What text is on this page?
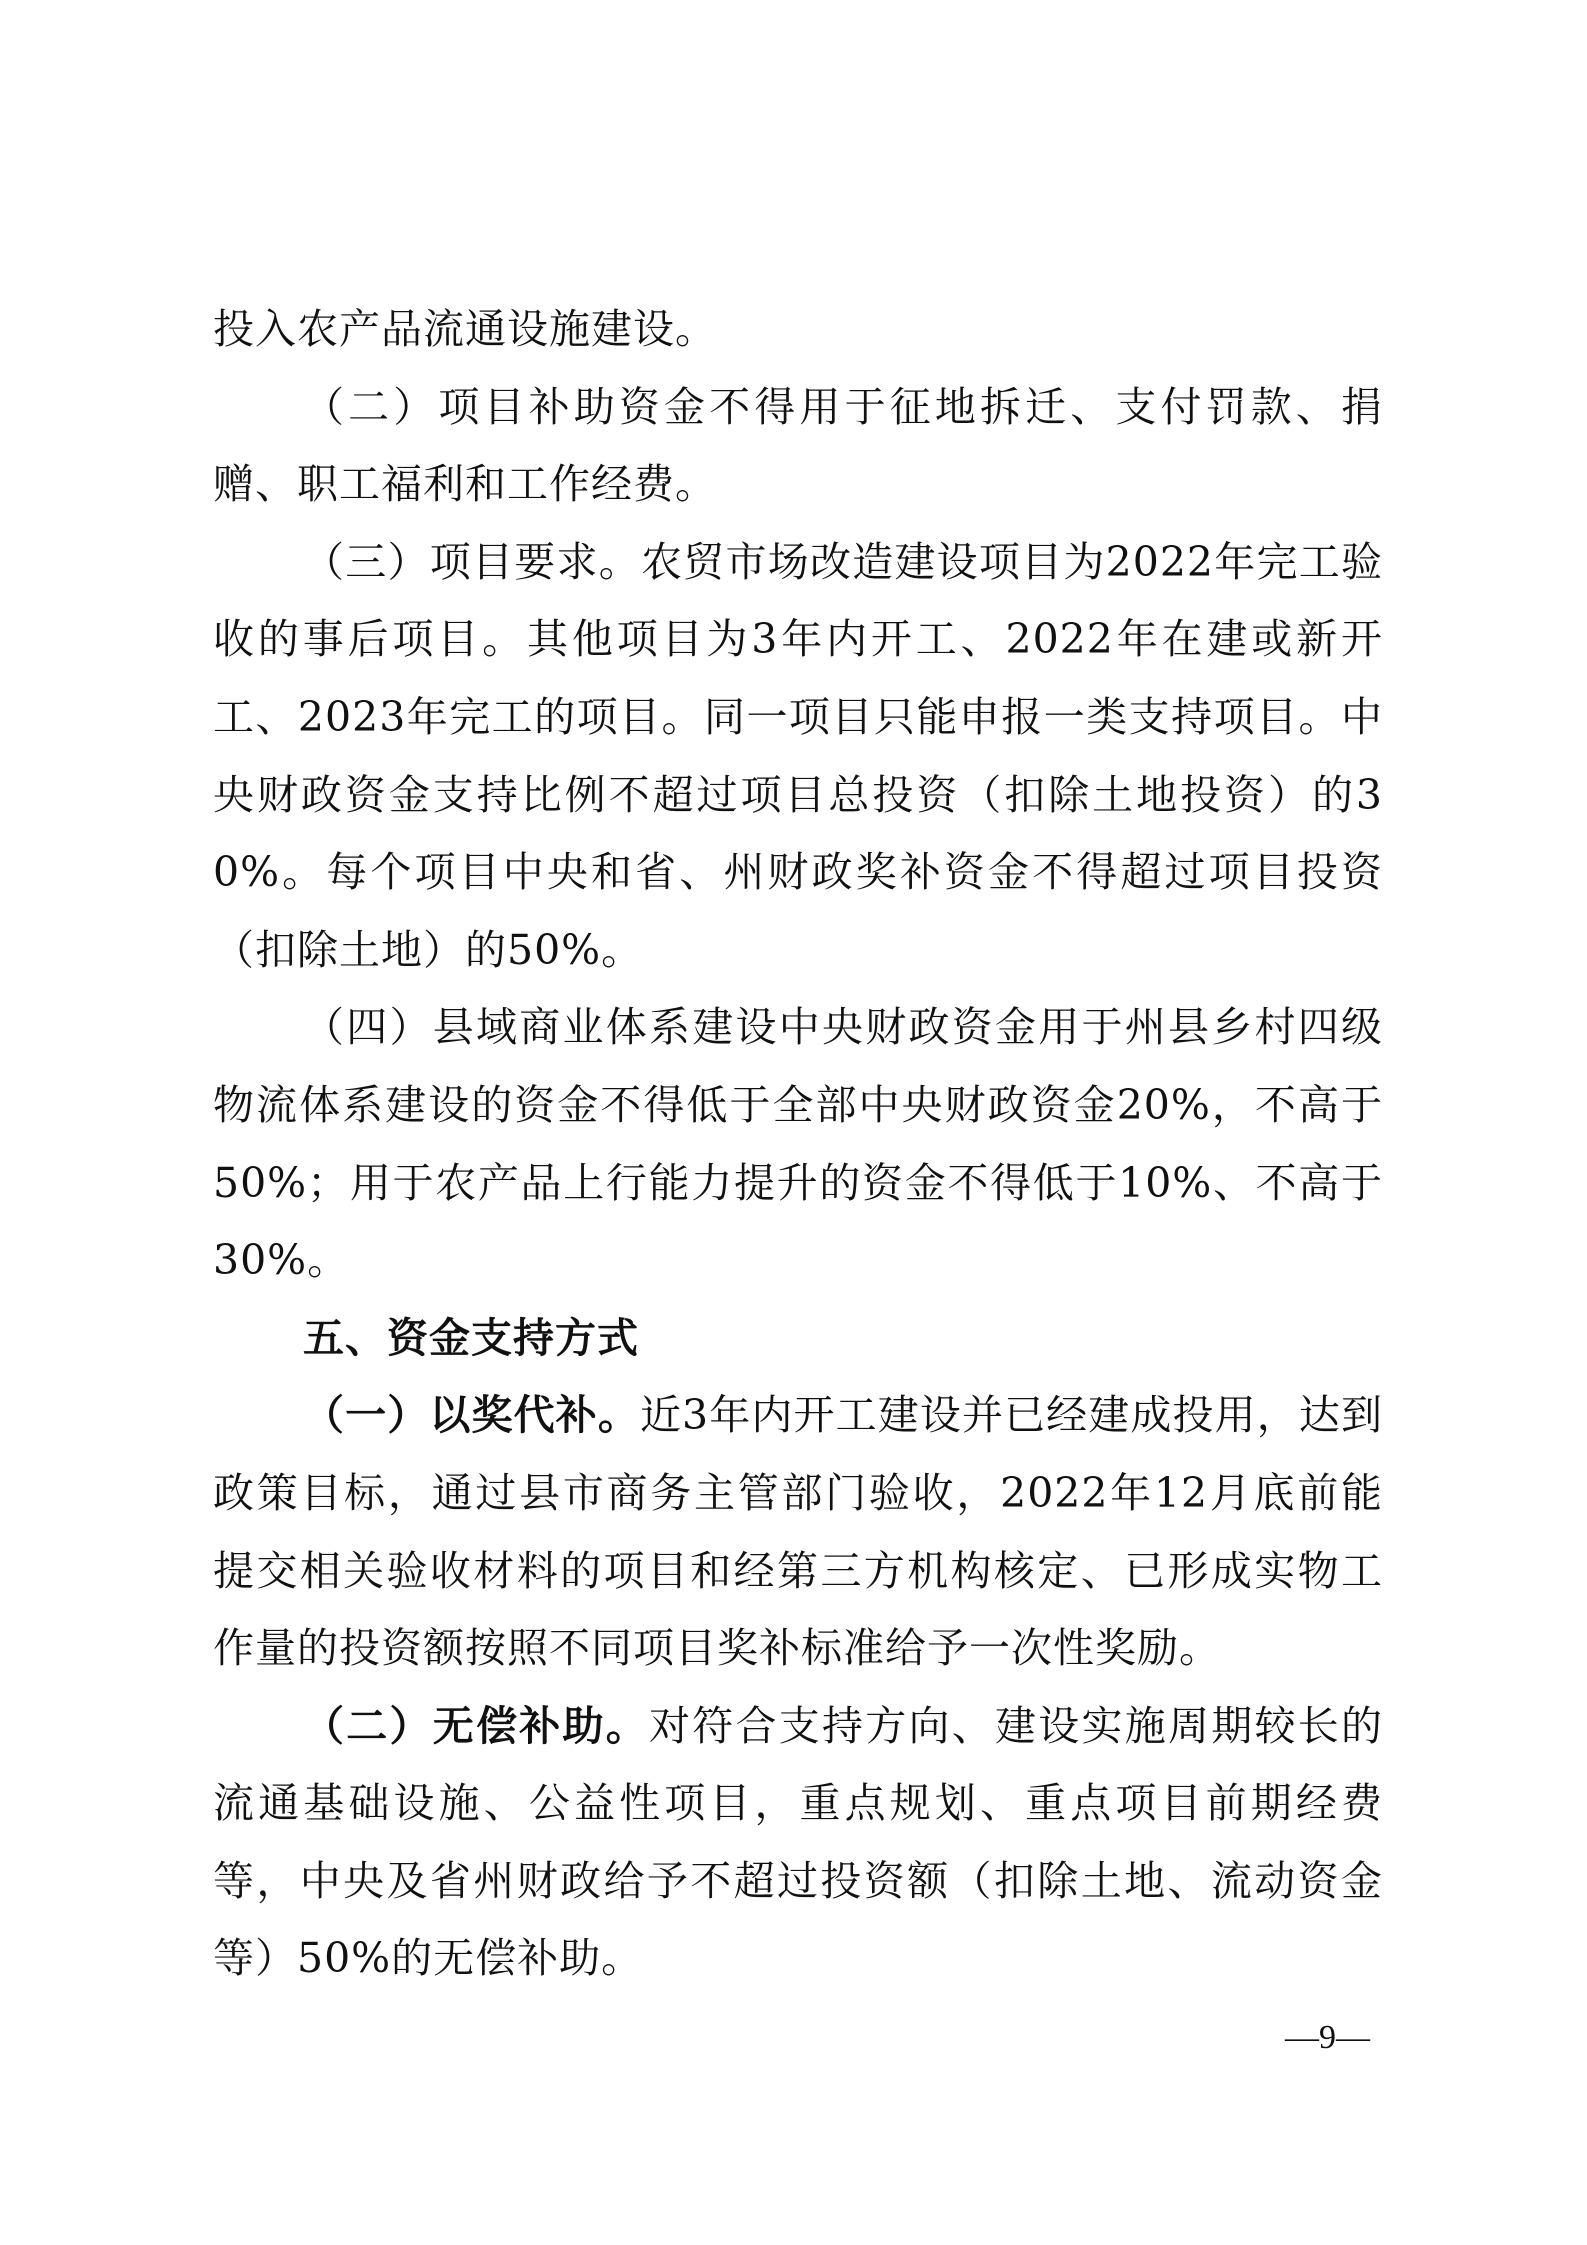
投入农产品流通设施建设。

（二）项目补助资金不得用于征地拆迁、支付罚款、捐赠、职工福利和工作经费。

（三）项目要求。农贸市场改造建设项目为2022年完工验收的事后项目。其他项目为3年内开工、2022年在建或新开工、2023年完工的项目。同一项目只能申报一类支持项目。中央财政资金支持比例不超过项目总投资（扣除土地投资）的30%。每个项目中央和省、州财政奖补资金不得超过项目投资（扣除土地）的50%。

（四）县域商业体系建设中央财政资金用于州县乡村四级物流体系建设的资金不得低于全部中央财政资金20%，不高于50%；用于农产品上行能力提升的资金不得低于10%、不高于30%。

五、资金支持方式

（一）以奖代补。近3年内开工建设并已经建成投用，达到政策目标，通过县市商务主管部门验收，2022年12月底前能提交相关验收材料的项目和经第三方机构核定、已形成实物工作量的投资额按照不同项目奖补标准给予一次性奖励。

（二）无偿补助。对符合支持方向、建设实施周期较长的流通基础设施、公益性项目，重点规划、重点项目前期经费等，中央及省州财政给予不超过投资额（扣除土地、流动资金等）50%的无偿补助。

—9—
